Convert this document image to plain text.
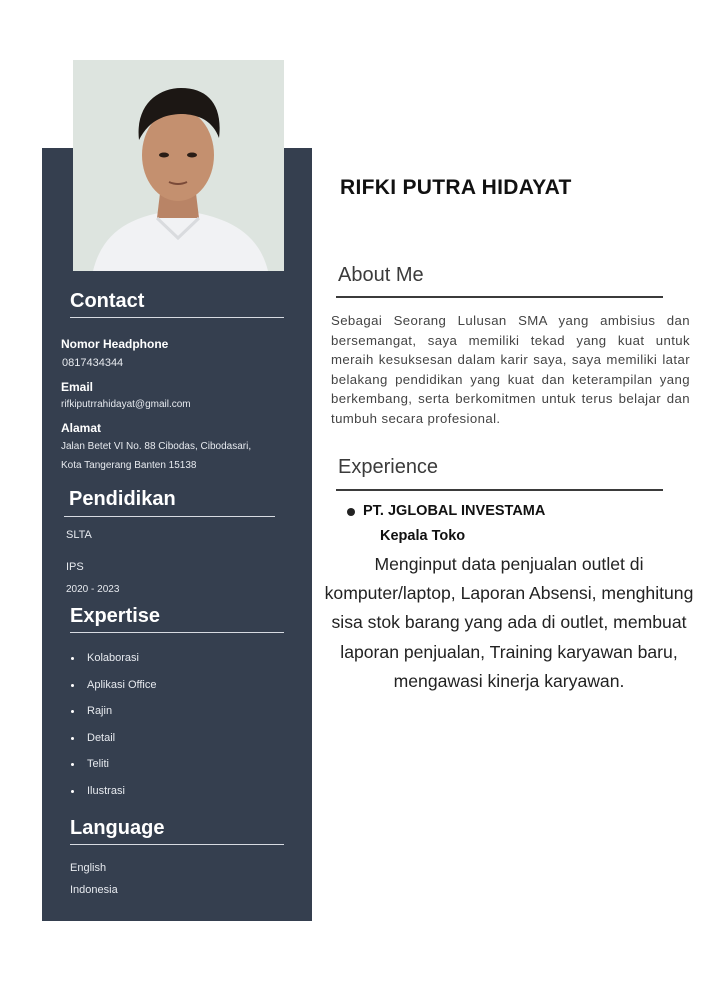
Contact
Nomor Headphone
0817434344
Email
rifkiputrrahidayat@gmail.com
Alamat
Jalan Betet VI No. 88 Cibodas, Cibodasari,
Kota Tangerang Banten 15138
Pendidikan
SLTA
IPS
2020 - 2023
Expertise
Kolaborasi
Aplikasi Office
Rajin
Detail
Teliti
Ilustrasi
Language
English
Indonesia
RIFKI PUTRA HIDAYAT
About Me

Sebagai Seorang Lulusan SMA yang ambisius dan bersemangat, saya memiliki tekad yang kuat untuk meraih kesuksesan dalam karir saya, saya memiliki latar belakang pendidikan yang kuat dan keterampilan yang berkembang, serta berkomitmen untuk terus belajar dan tumbuh secara profesional.

Experience
PT. JGLOBAL INVESTAMA
Kepala Toko

Menginput data penjualan outlet di komputer/laptop, Laporan Absensi, menghitung sisa stok barang yang ada di outlet, membuat laporan penjualan, Training karyawan baru, mengawasi kinerja karyawan.
